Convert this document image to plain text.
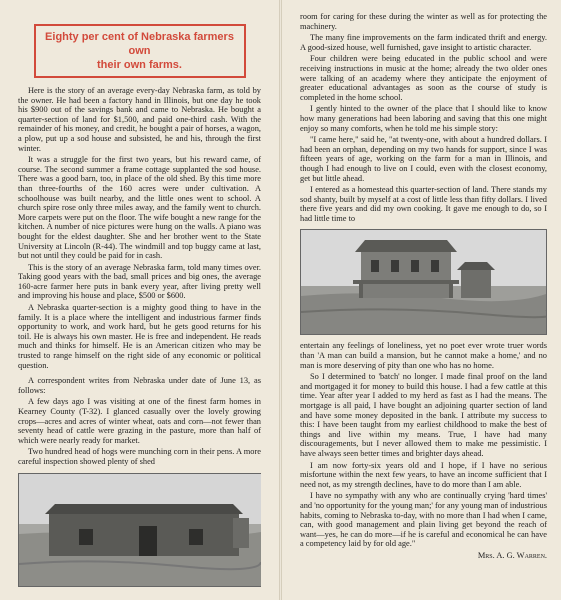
Eighty per cent of Nebraska farmers own
their own farms.

Here is the story of an average every-day Nebraska farm, as told by the owner. He had been a factory hand in Illinois, but one day he took his $900 out of the savings bank and came to Nebraska. He bought a quarter-section of land for $1,500, and paid one-third cash. With the remainder of his money, and credit, he bought a pair of horses, a wagon, a plow, put up a sod house and subsisted, he and his, through the first winter.

It was a struggle for the first two years, but his reward came, of course. The second summer a frame cottage supplanted the sod house. There was a good barn, too, in place of the old shed. By this time more than three-fourths of the 160 acres were under cultivation. A schoolhouse was built nearby, and the little ones went to school. A church spire rose only three miles away, and the family went to church. More carpets were put on the floor. The wife bought a new range for the kitchen. A number of nice pictures were hung on the walls. A piano was bought for the eldest daughter. She and her brother went to the State University at Lincoln (R-44). The windmill and top buggy came at last, but not until they could be paid for in cash.

This is the story of an average Nebraska farm, told many times over. Taking good years with the bad, small prices and big ones, the average 160-acre farmer here puts in bank every year, after living pretty well and improving his house and place, $500 or $600.

A Nebraska quarter-section is a mighty good thing to have in the family. It is a place where the intelligent and industrious farmer finds opportunity to work, and work hard, but he gets good returns for his toil. He is always his own master. He is free and independent. He reads much and thinks for himself. He is an American citizen who may be trusted to range himself on the right side of any economic or political question.

A correspondent writes from Nebraska under date of June 13, as follows:

A few days ago I was visiting at one of the finest farm homes in Kearney County (T-32). I glanced casually over the lovely growing crops—acres and acres of winter wheat, oats and corn—not fewer than seventy head of cattle were grazing in the pasture, more than half of which were nearly ready for market.

Two hundred head of hogs were munching corn in their pens. A more careful inspection showed plenty of shed

room for caring for these during the winter as well as for protecting the machinery.

The many fine improvements on the farm indicated thrift and energy. A good-sized house, well furnished, gave insight to artistic character.

Four children were being educated in the public school and were receiving instructions in music at the home; already the two older ones were talking of an academy where they anticipate the enjoyment of greater educational advantages as soon as the course of study is completed in the home school.

I gently hinted to the owner of the place that I should like to know how many generations had been laboring and saving that this one might enjoy so many comforts, when he told me his simple story:

"I came here," said he, "at twenty-one, with about a hundred dollars. I had been an orphan, depending on my two hands for support, since I was fifteen years of age, working on the farm for a man in Illinois, and though I had enough to live on I could, even with the closest economy, get but little ahead.

I entered as a homestead this quarter-section of land. There stands my sod shanty, built by myself at a cost of little less than fifty dollars. I lived there five years and did my own cooking. It gave me enough to do, so I had little time to

entertain any feelings of loneliness, yet no poet ever wrote truer words than 'A man can build a mansion, but he cannot make a home,' and no man is more deserving of pity than one who has no home.

So I determined to 'batch' no longer. I made final proof on the land and mortgaged it for money to build this house. I had a few cattle at this time. Year after year I added to my herd as fast as I had the means. The mortgage is all paid, I have bought an adjoining quarter section of land and have some money deposited in the bank. I attribute my success to this: I have been taught from my earliest childhood to make the best of things and live within my means. True, I have had many discouragements, but I never allowed them to make me pessimistic. I have always seen better times and brighter days ahead.

I am now forty-six years old and I hope, if I have no serious misfortune within the next few years, to have an income sufficient that I need not, as my strength declines, have to do more than I am able.

I have no sympathy with any who are continually crying 'hard times' and 'no opportunity for the young man;' for any young man of industrious habits, coming to Nebraska to-day, with no more than I had when I came, can, with good management and plain living get beyond the reach of want—yes, he can do more—if he is careful and economical he can have a competency laid by for old age."

Mrs. A. G. Warren.
